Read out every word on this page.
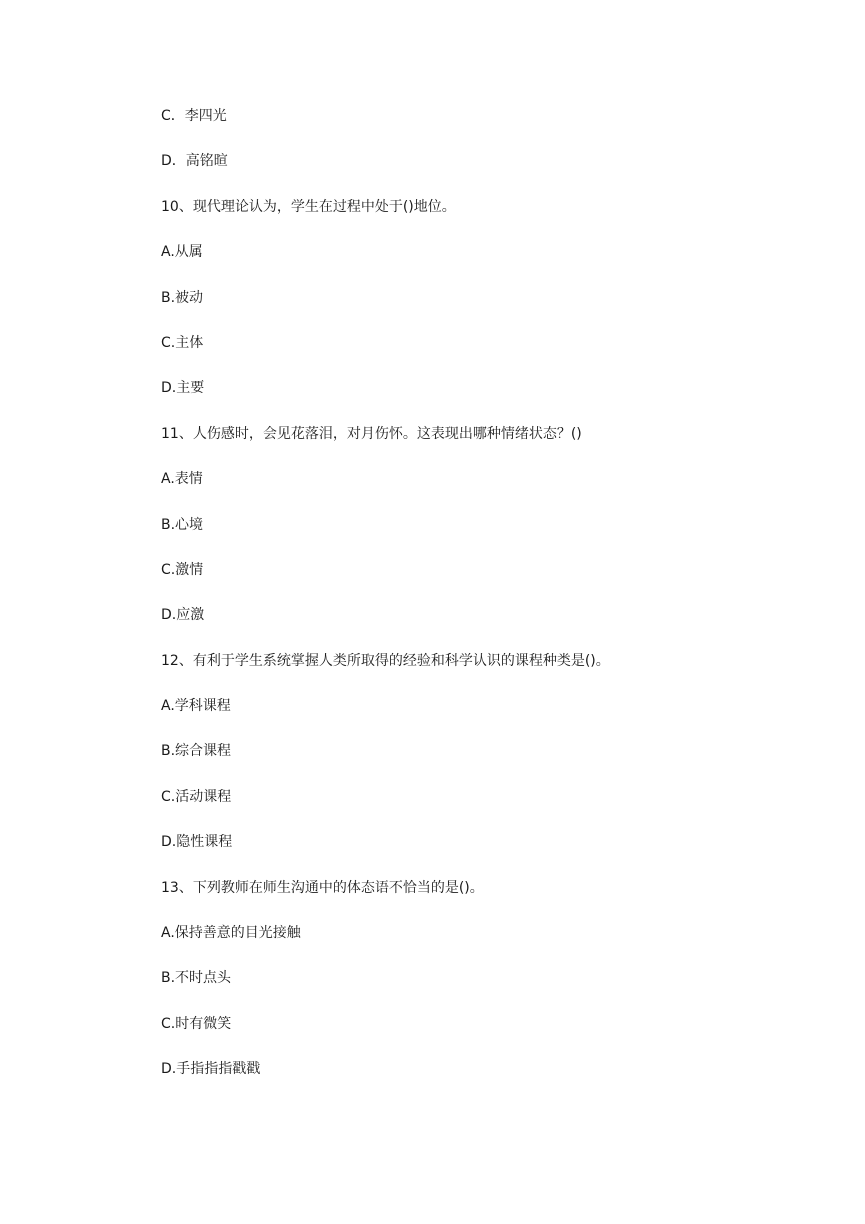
C．李四光
D．高铭暄
10、现代理论认为，学生在过程中处于()地位。
A.从属
B.被动
C.主体
D.主要
11、人伤感时，会见花落泪，对月伤怀。这表现出哪种情绪状态？()
A.表情
B.心境
C.激情
D.应激
12、有利于学生系统掌握人类所取得的经验和科学认识的课程种类是()。
A.学科课程
B.综合课程
C.活动课程
D.隐性课程
13、下列教师在师生沟通中的体态语不恰当的是()。
A.保持善意的目光接触
B.不时点头
C.时有微笑
D.手指指指戳戳
